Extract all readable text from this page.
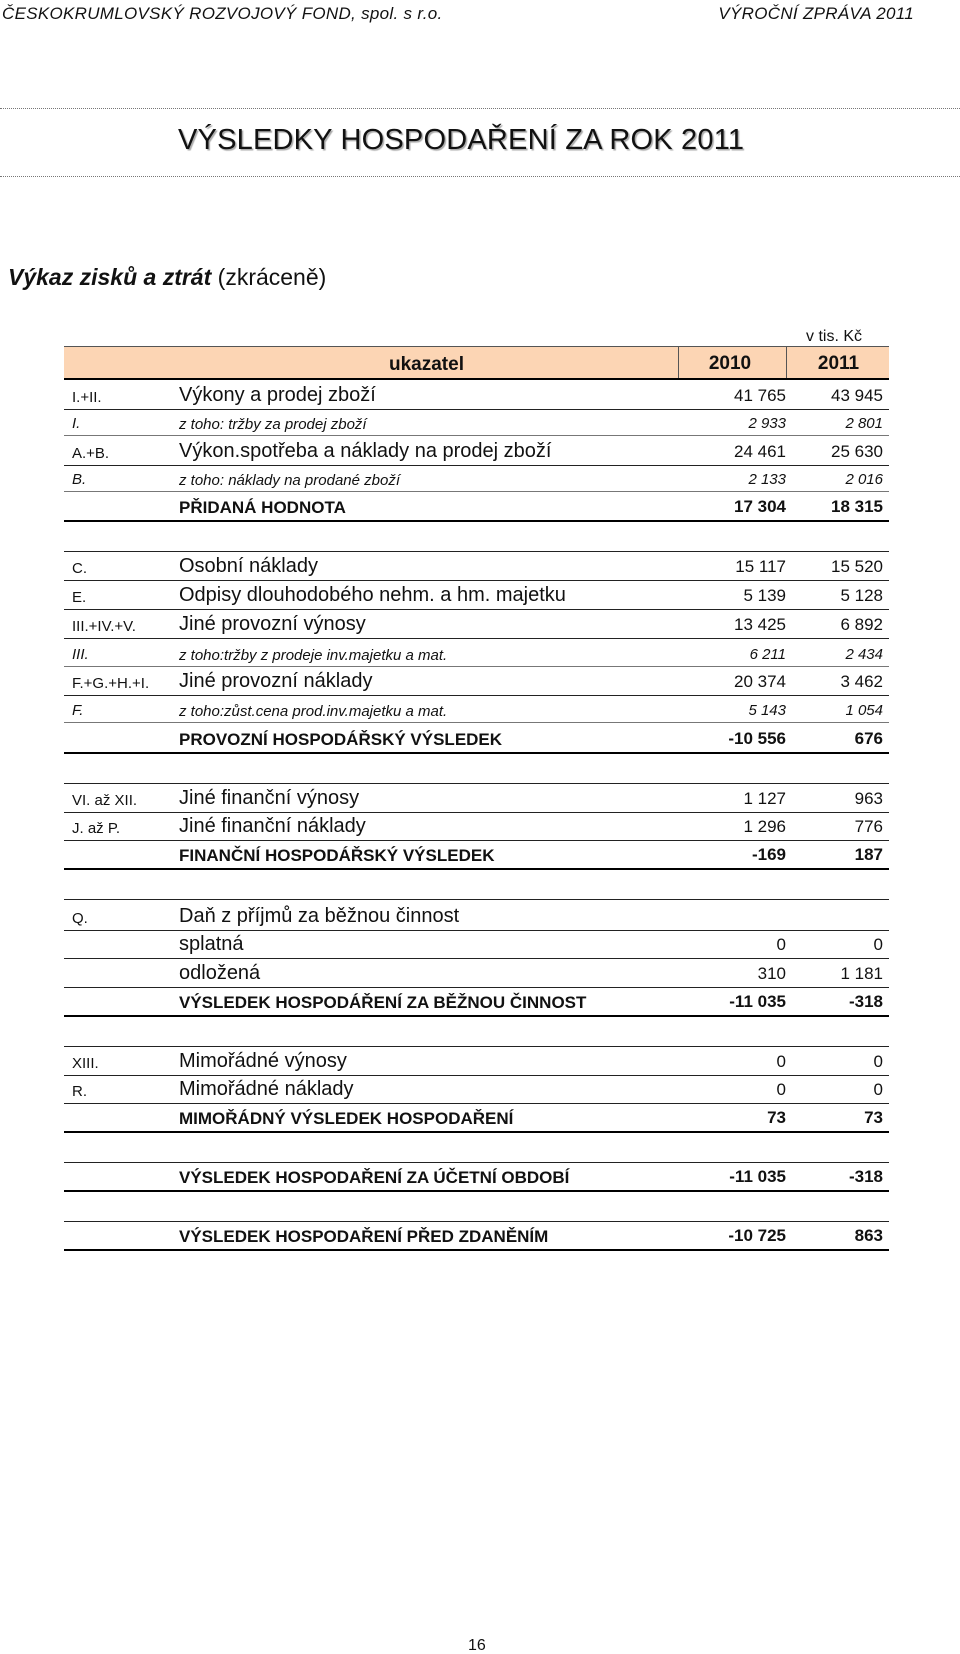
ČESKOKRUMLOVSKÝ ROZVOJOVÝ FOND, spol. s r.o.	VÝROČNÍ ZPRÁVA 2011
VÝSLEDKY HOSPODAŘENÍ ZA ROK 2011
Výkaz zisků a ztrát (zkráceně)
v tis. Kč
ukazatel	2010	2011
I.+II.	Výkony a prodej zboží	41 765	43 945
I.	z toho: tržby za prodej zboží	2 933	2 801
A.+B.	Výkon.spotřeba a náklady na prodej zboží	24 461	25 630
B.	z toho: náklady na prodané zboží	2 133	2 016
PŘIDANÁ HODNOTA	17 304	18 315
C.	Osobní náklady	15 117	15 520
E.	Odpisy dlouhodobého nehm. a hm. majetku	5 139	5 128
III.+IV.+V.	Jiné provozní výnosy	13 425	6 892
III.	z toho:tržby z prodeje inv.majetku a mat.	6 211	2 434
F.+G.+H.+I.	Jiné provozní náklady	20 374	3 462
F.	z toho:zůst.cena prod.inv.majetku a mat.	5 143	1 054
PROVOZNÍ HOSPODÁŘSKÝ VÝSLEDEK	-10 556	676
VI. až XII.	Jiné finanční výnosy	1 127	963
J. až P.	Jiné finanční náklady	1 296	776
FINANČNÍ HOSPODÁŘSKÝ VÝSLEDEK	-169	187
Q.	Daň z příjmů za běžnou činnost
splatná	0	0
odložená	310	1 181
VÝSLEDEK HOSPODÁŘENÍ ZA BĚŽNOU ČINNOST	-11 035	-318
XIII.	Mimořádné výnosy	0	0
R.	Mimořádné náklady	0	0
MIMOŘÁDNÝ VÝSLEDEK HOSPODAŘENÍ	73	73
VÝSLEDEK HOSPODAŘENÍ ZA ÚČETNÍ OBDOBÍ	-11 035	-318
VÝSLEDEK HOSPODAŘENÍ PŘED ZDANĚNÍM	-10 725	863
16
